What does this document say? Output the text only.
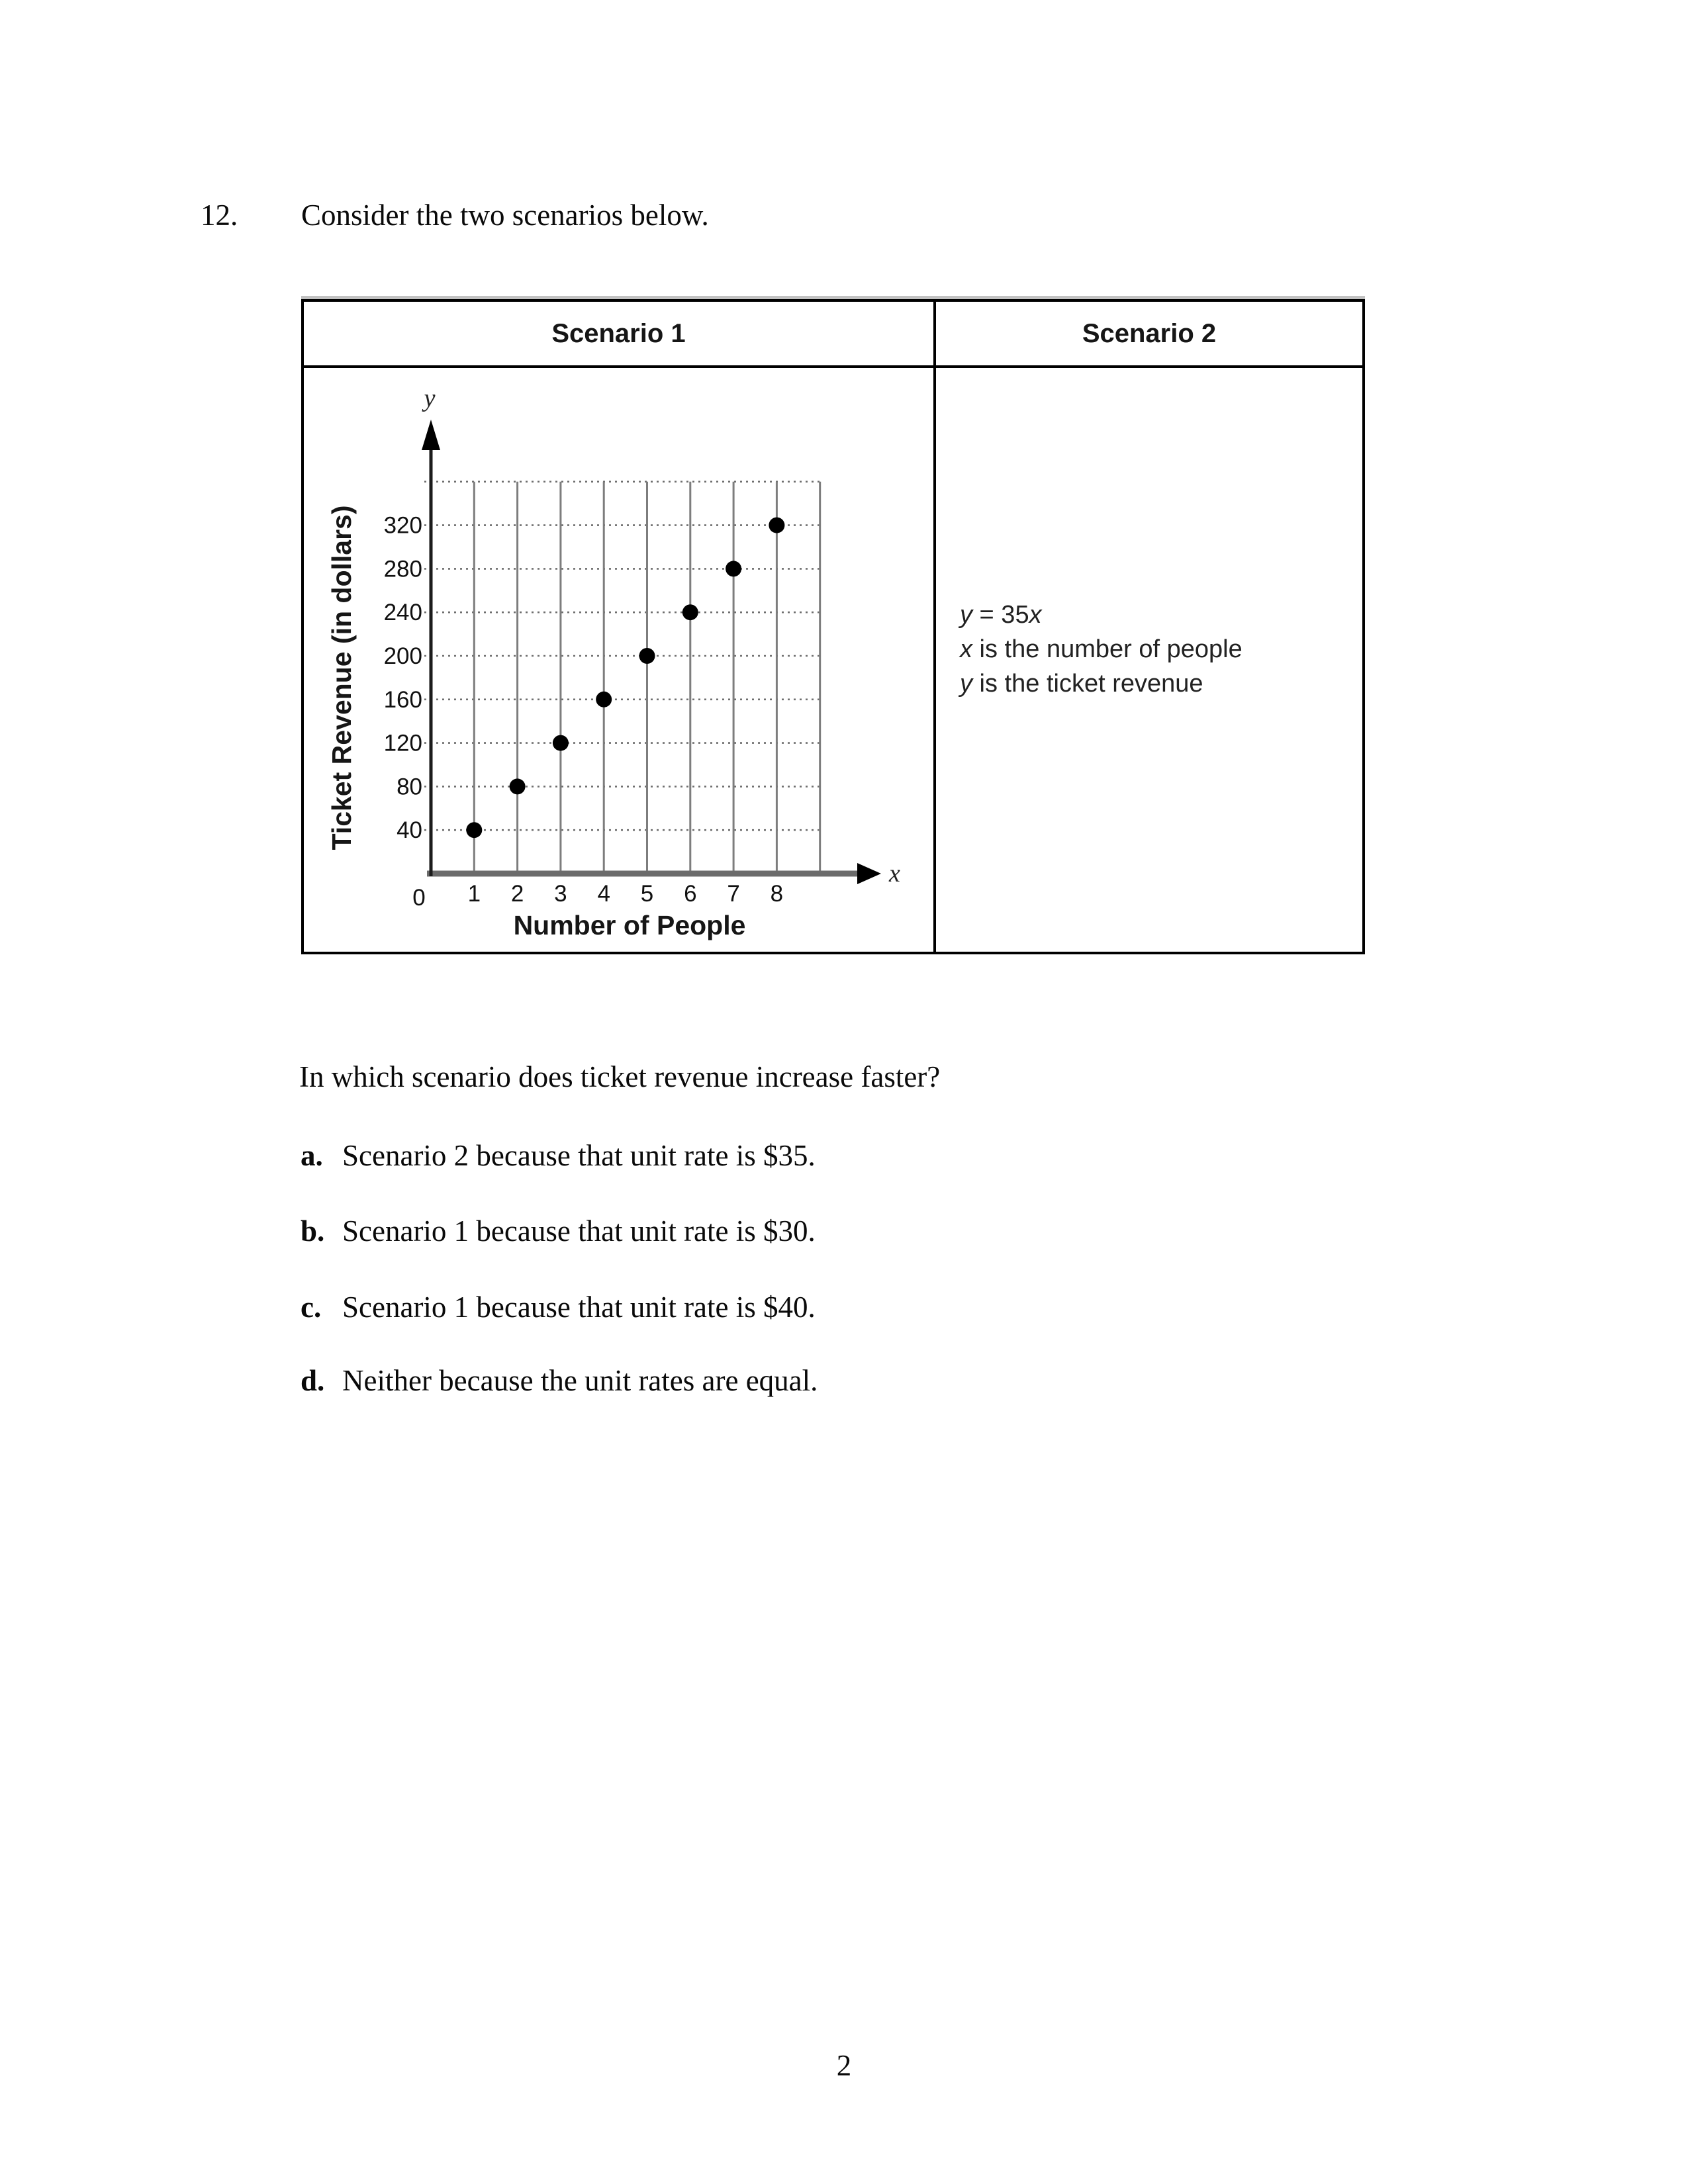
12. Consider the two scenarios below.
Scenario 1	Scenario 2
x
y
40
80
120
160
200
240
280
320
0 1 2 3 4 5 6 7 8
Number of People
Ticket Revenue (in dollars)	y = 35x
x is the number of people
y is the ticket revenue
In which scenario does ticket revenue increase faster?
a. Scenario 2 because that unit rate is $35.
b. Scenario 1 because that unit rate is $30.
c. Scenario 1 because that unit rate is $40.
d. Neither because the unit rates are equal.
2
